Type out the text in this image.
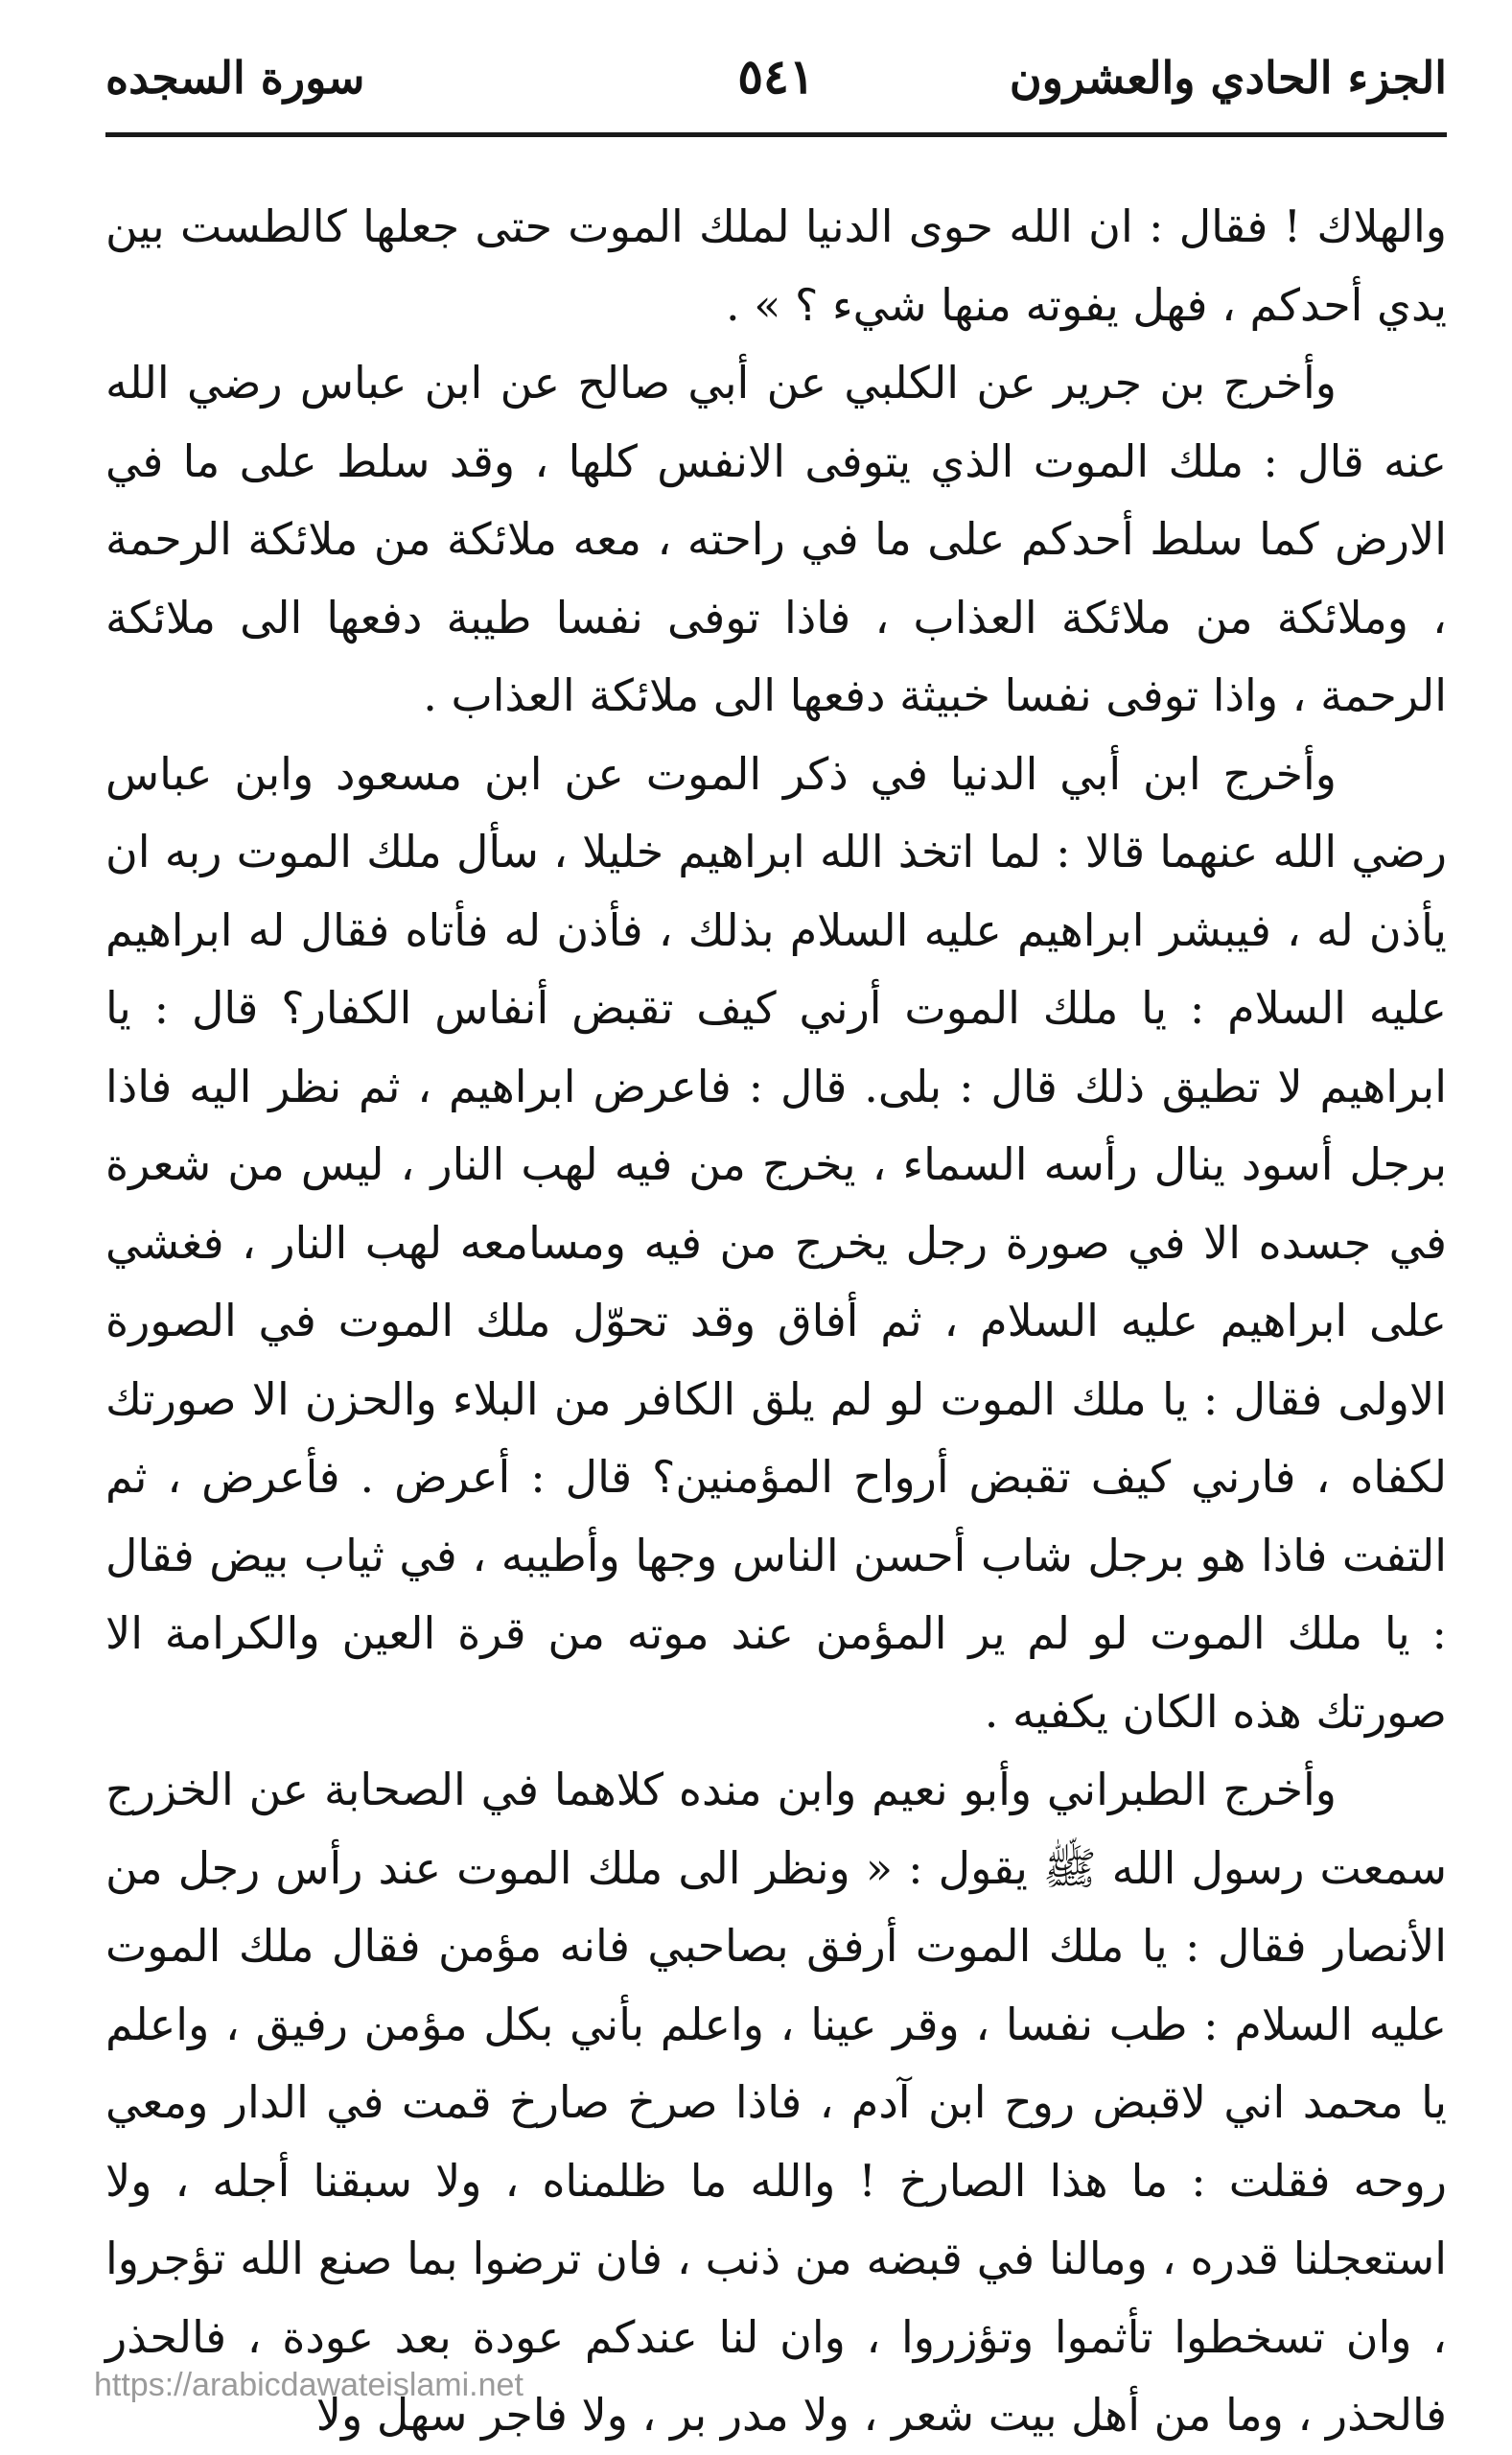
الجزء الحادي والعشرون
٥٤١
سورة السجده

والهلاك ! فقال : ان الله حوى الدنيا لملك الموت حتى جعلها كالطست بين يدي أحدكم ، فهل يفوته منها شيء ؟ » .

وأخرج بن جرير عن الكلبي عن أبي صالح عن ابن عباس رضي الله عنه قال : ملك الموت الذي يتوفى الانفس كلها ، وقد سلط على ما في الارض كما سلط أحدكم على ما في راحته ، معه ملائكة من ملائكة الرحمة ، وملائكة من ملائكة العذاب ، فاذا توفى نفسا طيبة دفعها الى ملائكة الرحمة ، واذا توفى نفسا خبيثة دفعها الى ملائكة العذاب .

وأخرج ابن أبي الدنيا في ذكر الموت عن ابن مسعود وابن عباس رضي الله عنهما قالا : لما اتخذ الله ابراهيم خليلا ، سأل ملك الموت ربه ان يأذن له ، فيبشر ابراهيم عليه السلام بذلك ، فأذن له فأتاه فقال له ابراهيم عليه السلام : يا ملك الموت أرني كيف تقبض أنفاس الكفار؟ قال : يا ابراهيم لا تطيق ذلك قال : بلى. قال : فاعرض ابراهيم ، ثم نظر اليه فاذا برجل أسود ينال رأسه السماء ، يخرج من فيه لهب النار ، ليس من شعرة في جسده الا في صورة رجل يخرج من فيه ومسامعه لهب النار ، فغشي على ابراهيم عليه السلام ، ثم أفاق وقد تحوّل ملك الموت في الصورة الاولى فقال : يا ملك الموت لو لم يلق الكافر من البلاء والحزن الا صورتك لكفاه ، فارني كيف تقبض أرواح المؤمنين؟ قال : أعرض . فأعرض ، ثم التفت فاذا هو برجل شاب أحسن الناس وجها وأطيبه ، في ثياب بيض فقال : يا ملك الموت لو لم ير المؤمن عند موته من قرة العين والكرامة الا صورتك هذه الكان يكفيه .

وأخرج الطبراني وأبو نعيم وابن منده كلاهما في الصحابة عن الخزرج سمعت رسول الله ﷺ يقول : « ونظر الى ملك الموت عند رأس رجل من الأنصار فقال : يا ملك الموت أرفق بصاحبي فانه مؤمن فقال ملك الموت عليه السلام : طب نفسا ، وقر عينا ، واعلم بأني بكل مؤمن رفيق ، واعلم يا محمد اني لاقبض روح ابن آدم ، فاذا صرخ صارخ قمت في الدار ومعي روحه فقلت : ما هذا الصارخ ! والله ما ظلمناه ، ولا سبقنا أجله ، ولا استعجلنا قدره ، ومالنا في قبضه من ذنب ، فان ترضوا بما صنع الله تؤجروا ، وان تسخطوا تأثموا وتؤزروا ، وان لنا عندكم عودة بعد عودة ، فالحذر فالحذر ، وما من أهل بيت شعر ، ولا مدر بر ، ولا فاجر سهل ولا

https://arabicdawateislami.net
